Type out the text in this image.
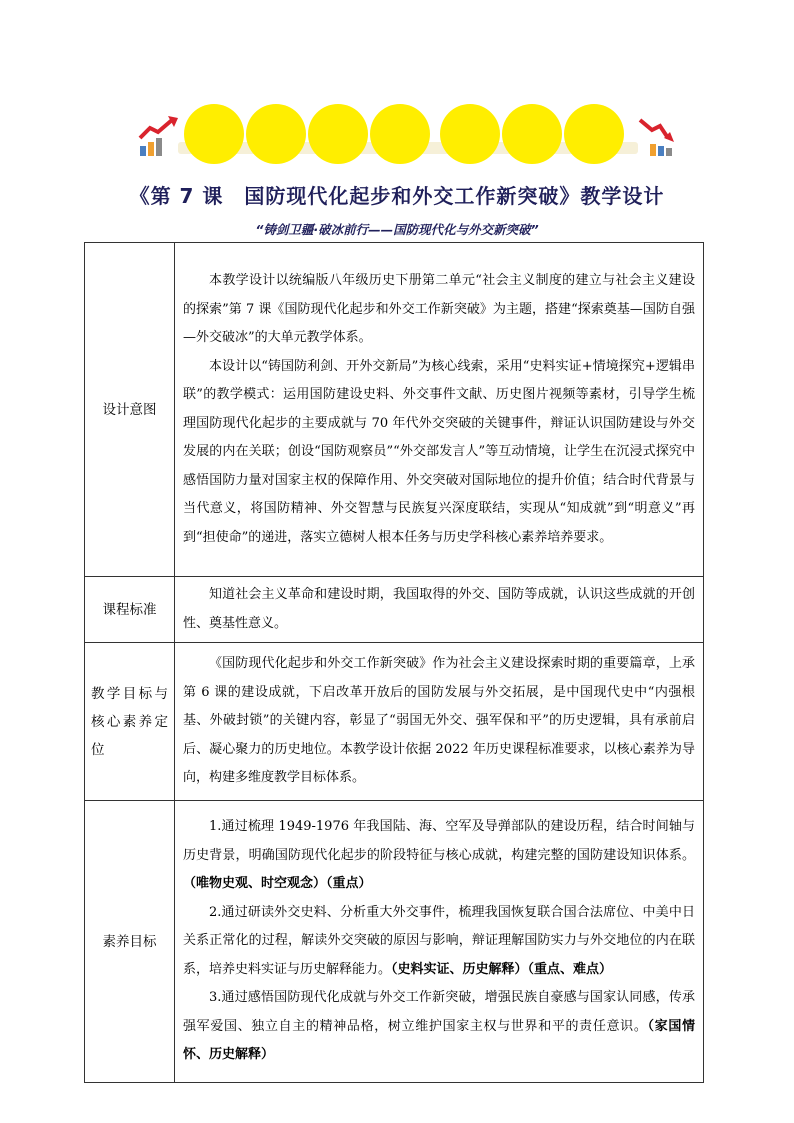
《第 7 课　国防现代化起步和外交工作新突破》教学设计
“铸剑卫疆·破冰前行——国防现代化与外交新突破”
设计意图	本教学设计以统编版八年级历史下册第二单元“社会主义制度的建立与社会主义建设的探索”第 7 课《国防现代化起步和外交工作新突破》为主题，搭建“探索奠基—国防自强—外交破冰”的大单元教学体系。

本设计以“铸国防利剑、开外交新局”为核心线索，采用“史料实证+情境探究+逻辑串联”的教学模式：运用国防建设史料、外交事件文献、历史图片视频等素材，引导学生梳理国防现代化起步的主要成就与 70 年代外交突破的关键事件，辩证认识国防建设与外交发展的内在关联；创设“国防观察员”“外交部发言人”等互动情境，让学生在沉浸式探究中感悟国防力量对国家主权的保障作用、外交突破对国际地位的提升价值；结合时代背景与当代意义，将国防精神、外交智慧与民族复兴深度联结，实现从“知成就”到“明意义”再到“担使命”的递进，落实立德树人根本任务与历史学科核心素养培养要求。

课程标准	知道社会主义革命和建设时期，我国取得的外交、国防等成就，认识这些成就的开创性、奠基性意义。

教学目标与核心素养定位	《国防现代化起步和外交工作新突破》作为社会主义建设探索时期的重要篇章，上承第 6 课的建设成就，下启改革开放后的国防发展与外交拓展，是中国现代史中“内强根基、外破封锁”的关键内容，彰显了“弱国无外交、强军保和平”的历史逻辑，具有承前启后、凝心聚力的历史地位。本教学设计依据 2022 年历史课程标准要求，以核心素养为导向，构建多维度教学目标体系。

素养目标	1.通过梳理 1949-1976 年我国陆、海、空军及导弹部队的建设历程，结合时间轴与历史背景，明确国防现代化起步的阶段特征与核心成就，构建完整的国防建设知识体系。（唯物史观、时空观念）（重点）

2.通过研读外交史料、分析重大外交事件，梳理我国恢复联合国合法席位、中美中日关系正常化的过程，解读外交突破的原因与影响，辩证理解国防实力与外交地位的内在联系，培养史料实证与历史解释能力。（史料实证、历史解释）（重点、难点）

3.通过感悟国防现代化成就与外交工作新突破，增强民族自豪感与国家认同感，传承强军爱国、独立自主的精神品格，树立维护国家主权与世界和平的责任意识。（家国情怀、历史解释）
